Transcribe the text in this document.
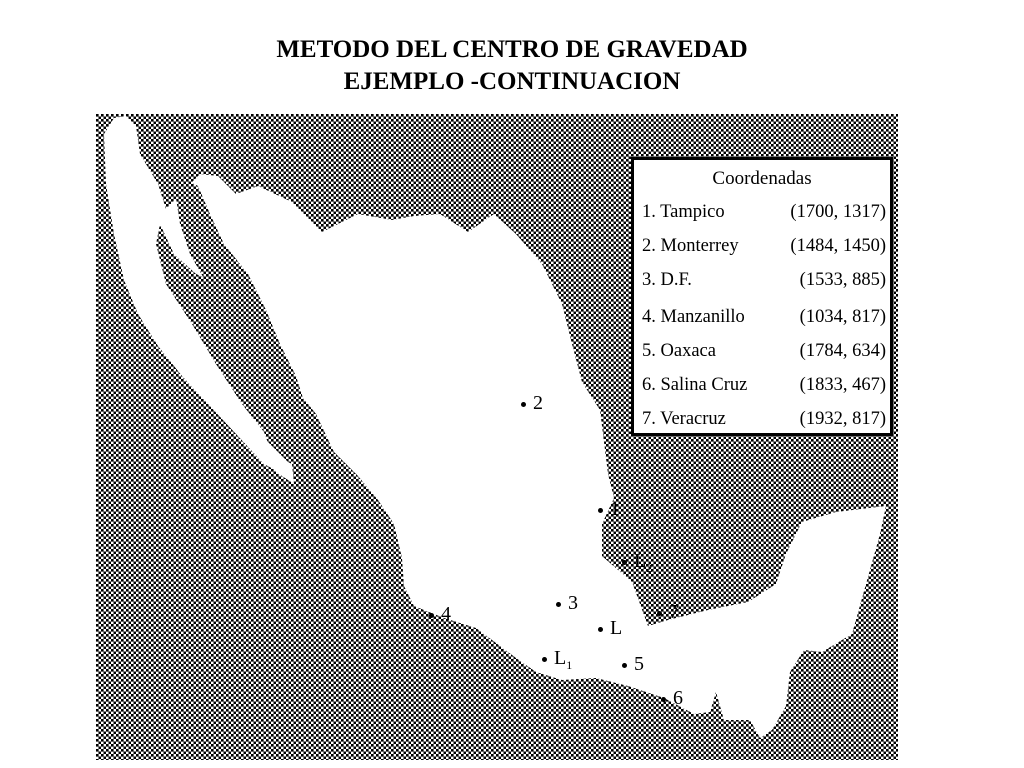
METODO DEL CENTRO DE GRAVEDAD
EJEMPLO -CONTINUACION
Coordenadas
1. Tampico	(1700, 1317)
2. Monterrey	(1484, 1450)
3. D.F.	(1533, 885)
4. Manzanillo	(1034, 817)
5. Oaxaca	(1784, 634)
6. Salina Cruz	(1833, 467)
7. Veracruz	(1932, 817)
2
1
$L_2$
3	7
4
L
$L_1$	5
6
